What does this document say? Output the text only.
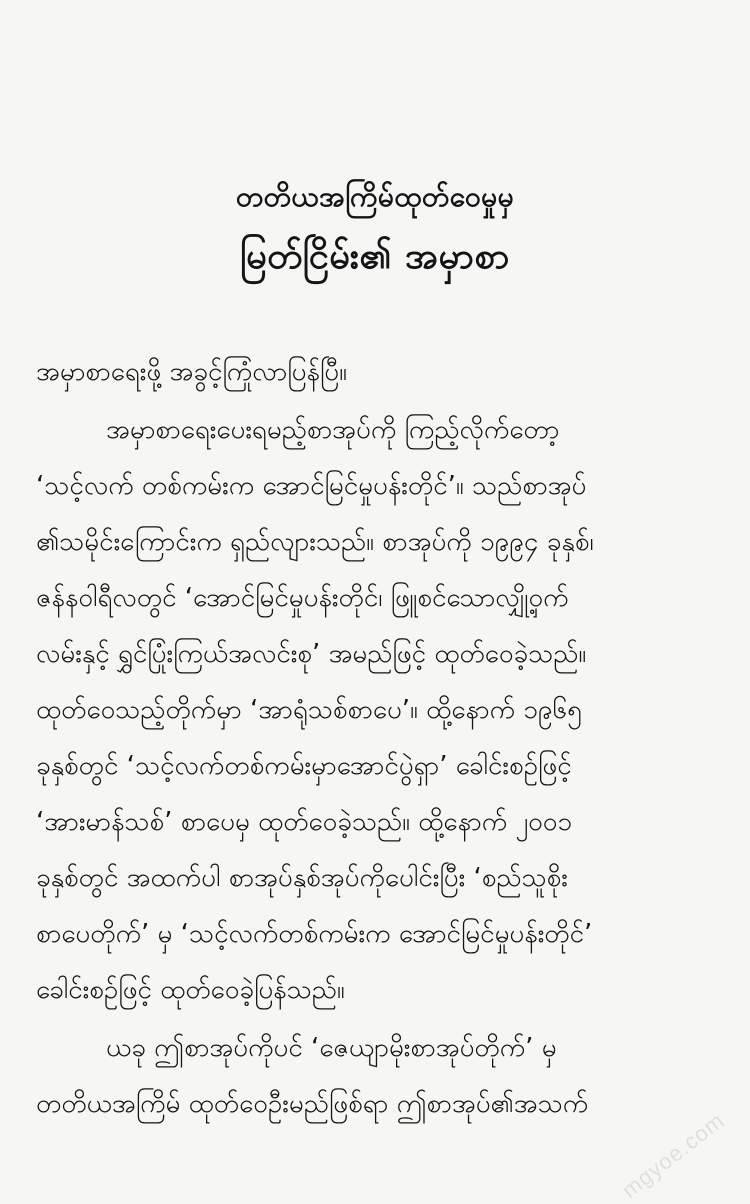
တတိယအကြိမ်ထုတ်ဝေမှုမှ
မြတ်ငြိမ်း၏ အမှာစာ
အမှာစာရေးဖို့ အခွင့်ကြုံလာပြန်ပြီ။
အမှာစာရေးပေးရမည့်စာအုပ်ကို ကြည့်လိုက်တော့
‘သင့်လက် တစ်ကမ်းက အောင်မြင်မှုပန်းတိုင်’။ သည်စာအုပ်
၏သမိုင်းကြောင်းက ရှည်လျားသည်။ စာအုပ်ကို ၁၉၉၄ ခုနှစ်၊
ဇန်နဝါရီလတွင် ‘အောင်မြင်မှုပန်းတိုင်၊ ဖြူစင်သောလျှို့ဝှက်
လမ်းနှင့် ရွှင်ပြုံးကြယ်အလင်းစု’ အမည်ဖြင့် ထုတ်ဝေခဲ့သည်။
ထုတ်ဝေသည့်တိုက်မှာ ‘အာရုံသစ်စာပေ’။ ထို့နောက် ၁၉၆၅
ခုနှစ်တွင် ‘သင့်လက်တစ်ကမ်းမှာအောင်ပွဲရှာ’ ခေါင်းစဉ်ဖြင့်
‘အားမာန်သစ်’ စာပေမှ ထုတ်ဝေခဲ့သည်။ ထို့နောက် ၂၀၀၁
ခုနှစ်တွင် အထက်ပါ စာအုပ်နှစ်အုပ်ကိုပေါင်းပြီး ‘စည်သူစိုး
စာပေတိုက်’ မှ ‘သင့်လက်တစ်ကမ်းက အောင်မြင်မှုပန်းတိုင်’
ခေါင်းစဉ်ဖြင့် ထုတ်ဝေခဲ့ပြန်သည်။
ယခု ဤစာအုပ်ကိုပင် ‘ဇေယျာမိုးစာအုပ်တိုက်’ မှ
တတိယအကြိမ် ထုတ်ဝေဦးမည်ဖြစ်ရာ ဤစာအုပ်၏အသက်
mgyoe.com
